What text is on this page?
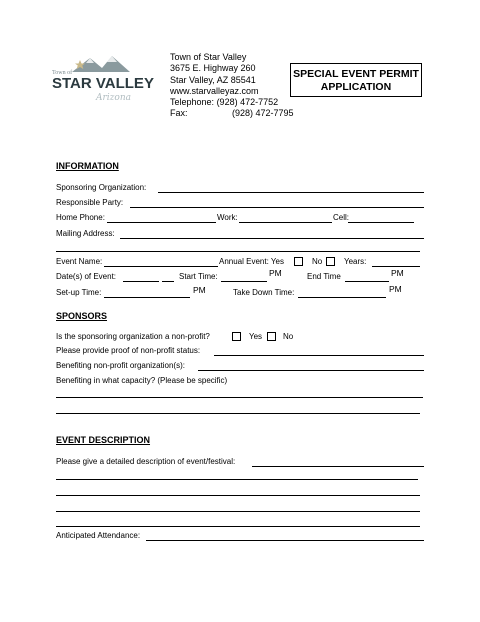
Town of
STAR VALLEY
Arizona
Town of Star Valley
3675 E. Highway 260
Star Valley, AZ 85541
www.starvalleyaz.com
Telephone: (928) 472-7752
Fax:	(928) 472-7795
SPECIAL EVENT PERMIT
APPLICATION
INFORMATION
Sponsoring Organization:
Responsible Party:
Home Phone:	Work:	Cell:
Mailing Address:
Event Name:	Annual Event: Yes	No	Years:
Date(s) of Event:	Start Time:	PM	End Time	PM
Set-up Time:	PM	Take Down Time:	PM
SPONSORS
Is the sponsoring organization a non-profit?	Yes	No
Please provide proof of non-profit status:
Benefiting non-profit organization(s):
Benefiting in what capacity? (Please be specific)
EVENT DESCRIPTION
Please give a detailed description of event/festival:
Anticipated Attendance:
